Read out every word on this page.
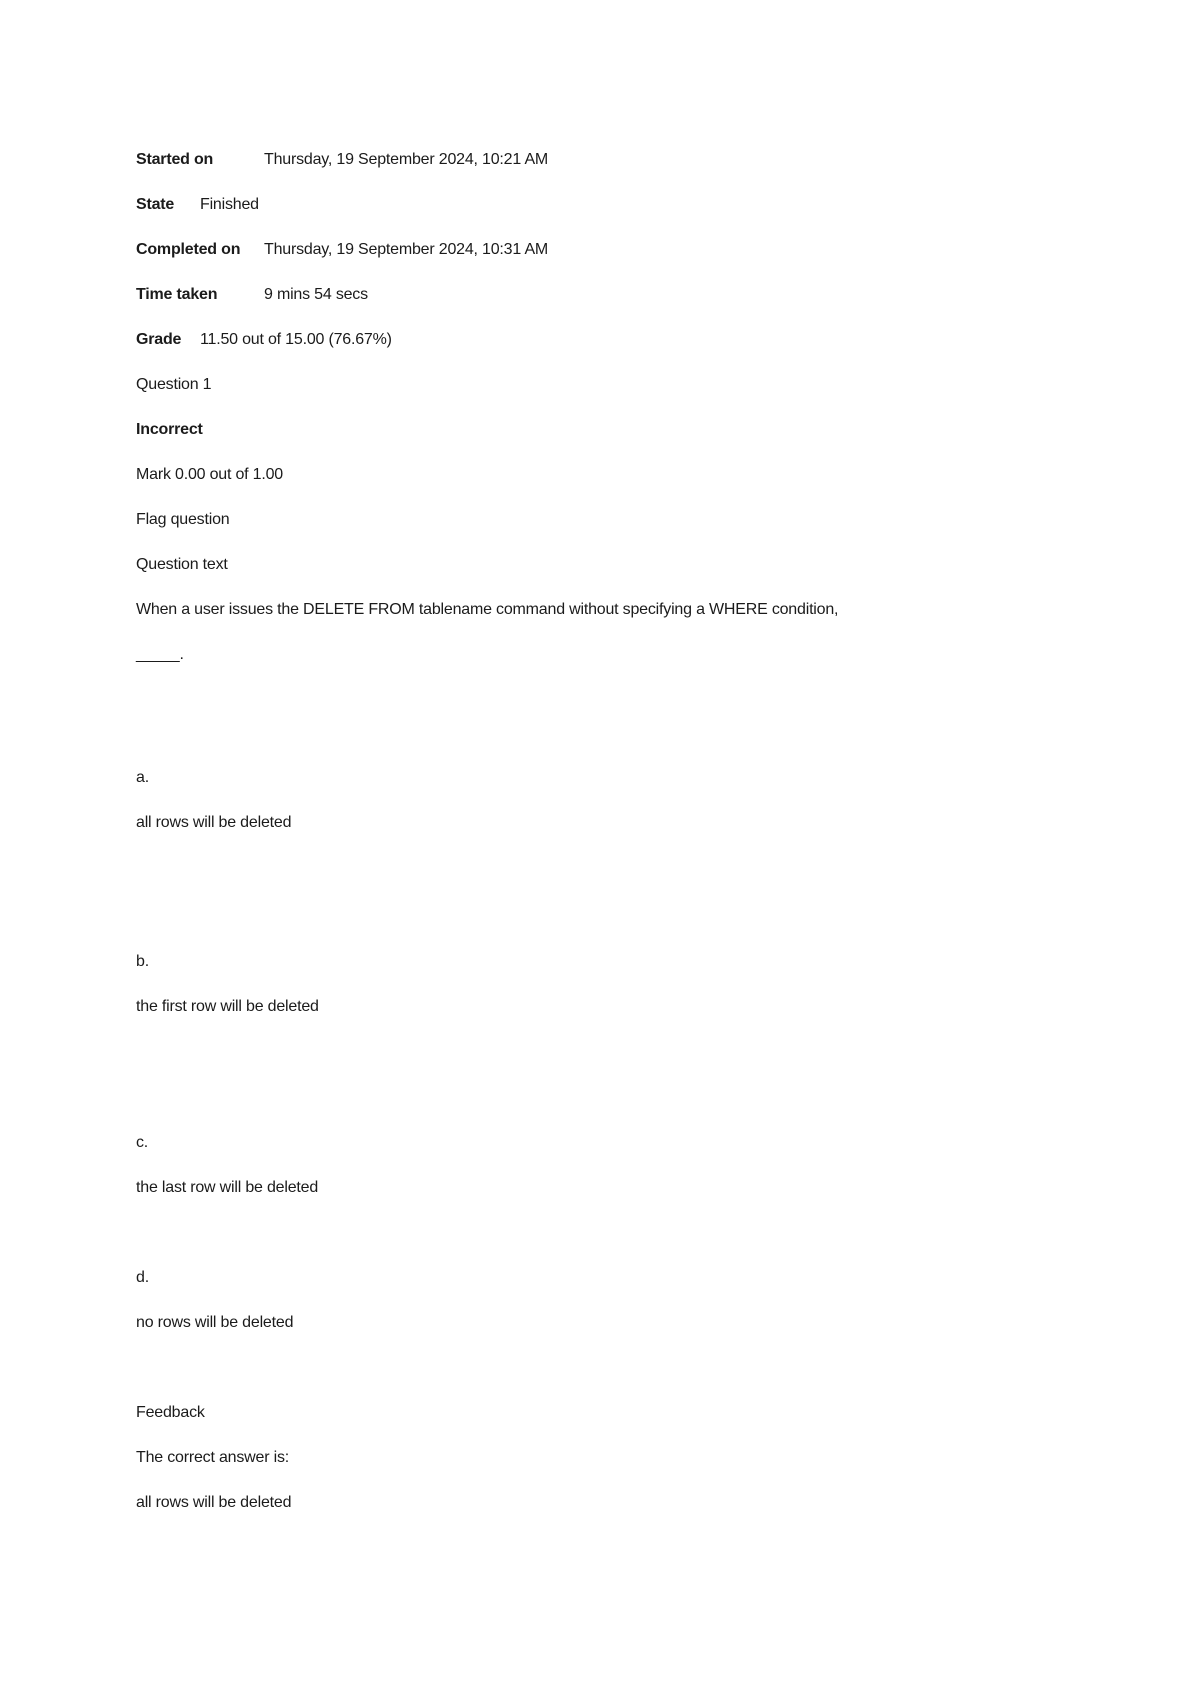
Started on	Thursday, 19 September 2024, 10:21 AM

State	Finished

Completed on	Thursday, 19 September 2024, 10:31 AM

Time taken	9 mins 54 secs

Grade	11.50 out of 15.00 (76.67%)

Question 1

Incorrect

Mark 0.00 out of 1.00

Flag question

Question text

When a user issues the DELETE FROM tablename command without specifying a WHERE condition,

_____.

a.

all rows will be deleted

b.

the first row will be deleted

c.

the last row will be deleted

d.

no rows will be deleted

Feedback

The correct answer is:

all rows will be deleted
